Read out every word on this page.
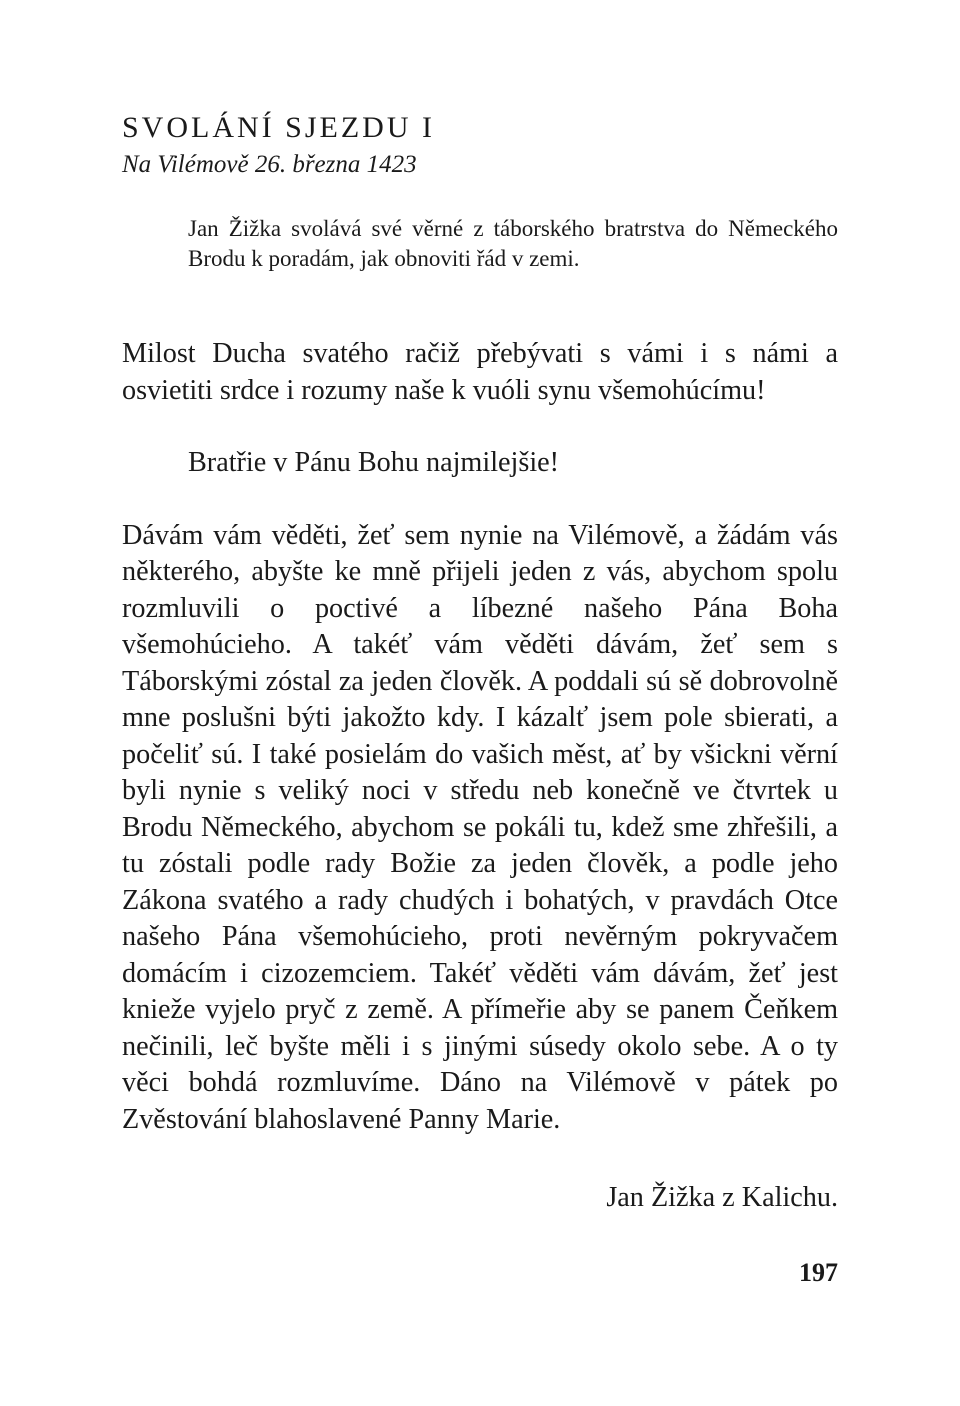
SVOLÁNÍ SJEZDU I

Na Vilémově 26. března 1423

Jan Žižka svolává své věrné z táborského bratrstva do Německého Brodu k poradám, jak obnoviti řád v zemi.

Milost Ducha svatého račiž přebývati s vámi i s námi a osvietiti srdce i rozumy naše k vuóli synu všemohúcímu!

Bratřie v Pánu Bohu najmilejšie!

Dávám vám věděti, žeť sem nynie na Vilémově, a žádám vás některého, abyšte ke mně přijeli jeden z vás, abychom spolu rozmluvili o poctivé a líbezné našeho Pána Boha všemohúcieho. A takéť vám věděti dávám, žeť sem s Táborskými zóstal za jeden člověk. A poddali sú sě dobrovolně mne poslušni býti jakožto kdy. I kázalť jsem pole sbierati, a počeliť sú. I také posielám do vašich měst, ať by všickni věrní byli nynie s veliký noci v středu neb konečně ve čtvrtek u Brodu Německého, abychom se pokáli tu, kdež sme zhřešili, a tu zóstali podle rady Božie za jeden člověk, a podle jeho Zákona svatého a rady chudých i bohatých, v pravdách Otce našeho Pána všemohúcieho, proti nevěrným pokryvačem domácím i cizozemciem. Takéť věděti vám dávám, žeť jest knieže vyjelo pryč z země. A přímeřie aby se panem Čeňkem nečinili, leč byšte měli i s jinými súsedy okolo sebe. A o ty věci bohdá rozmluvíme. Dáno na Vilémově v pátek po Zvěstování blahoslavené Panny Marie.

Jan Žižka z Kalichu.
197
